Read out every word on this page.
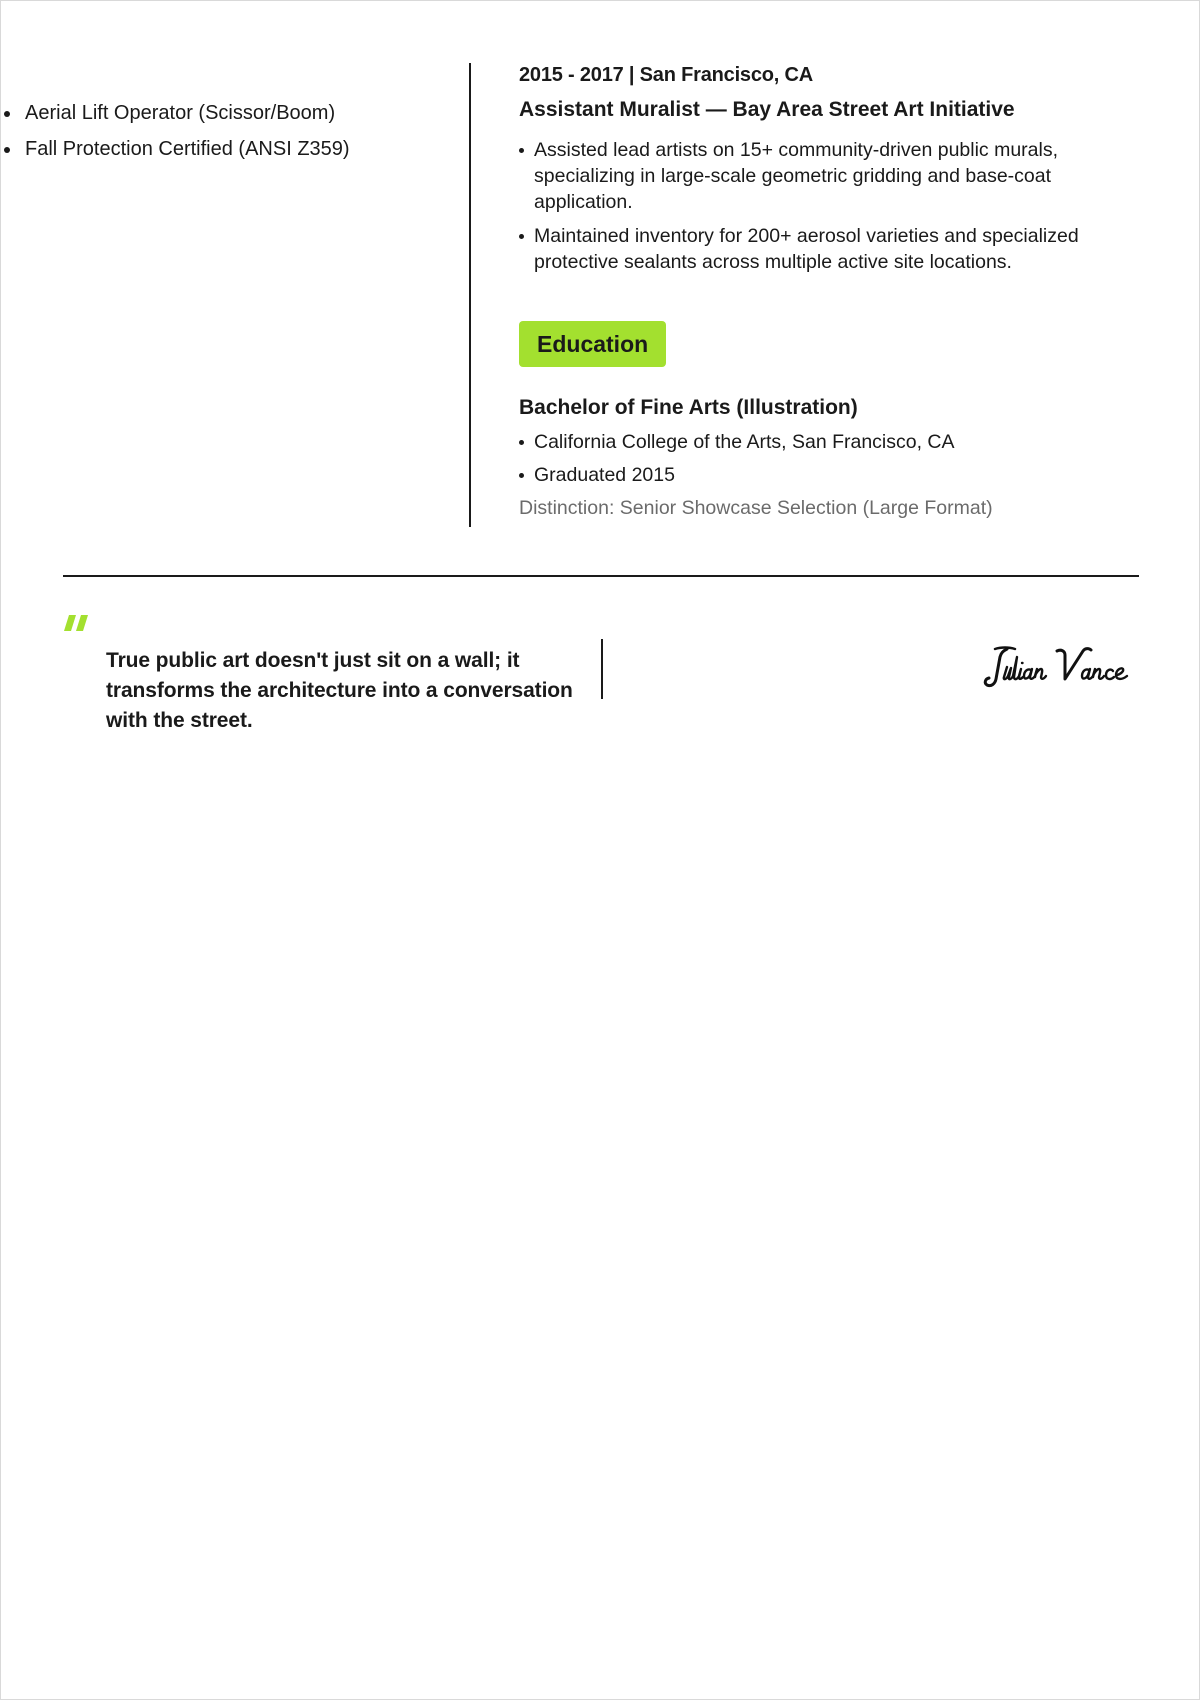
Aerial Lift Operator (Scissor/Boom)
Fall Protection Certified (ANSI Z359)

2015 - 2017 | San Francisco, CA

Assistant Muralist — Bay Area Street Art Initiative

Assisted lead artists on 15+ community-driven public murals, specializing in large-scale geometric gridding and base-coat application.
Maintained inventory for 200+ aerosol varieties and specialized protective sealants across multiple active site locations.
Education

Bachelor of Fine Arts (Illustration)

California College of the Arts, San Francisco, CA
Graduated 2015

Distinction: Senior Showcase Selection (Large Format)

True public art doesn't just sit on a wall; it transforms the architecture into a conversation with the street.
